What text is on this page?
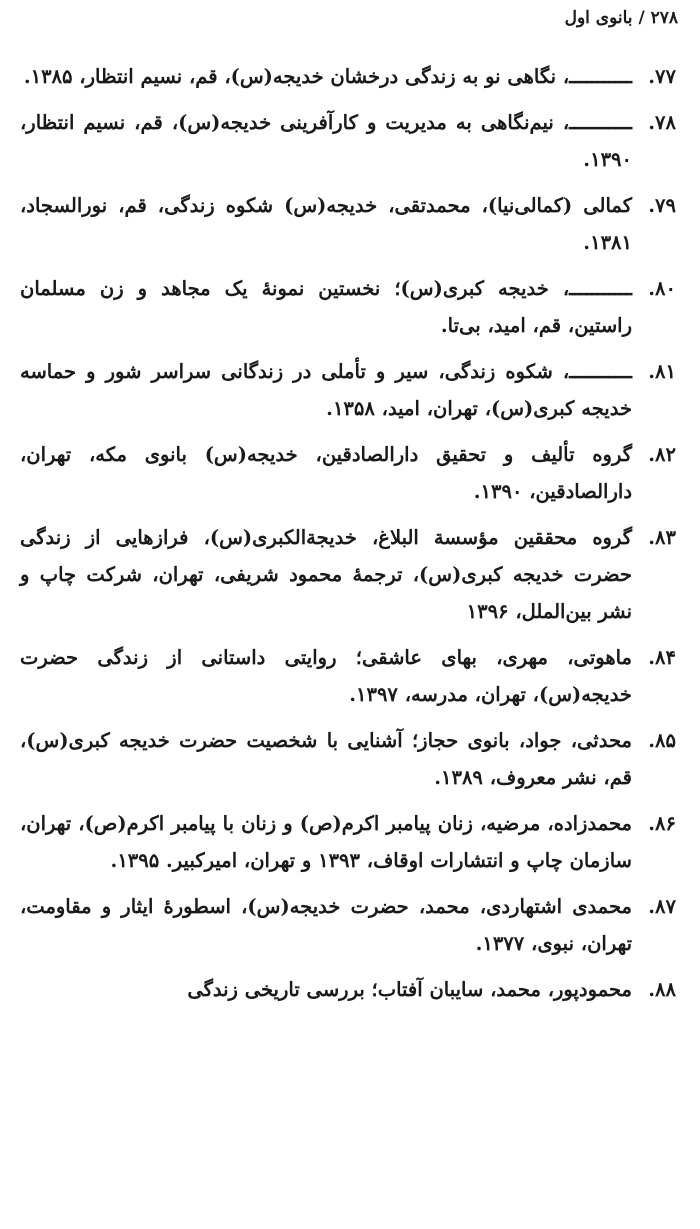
۲۷۸ / بانوی اول
۷۷.
ـــــــــــ، نگاهی نو به زندگی درخشان خدیجه(س)، قم، نسیم انتظار، ۱۳۸۵.
۷۸.
ـــــــــــ، نیم‌نگاهی به مدیریت و کارآفرینی خدیجه(س)، قم، نسیم انتظار، ۱۳۹۰.
۷۹.
کمالی (کمالی‌نیا)، محمدتقی، خدیجه(س) شکوه زندگی، قم، نورالسجاد، ۱۳۸۱.
۸۰.
ـــــــــــ، خدیجه کبری(س)؛ نخستین نمونهٔ یک مجاهد و زن مسلمان راستین، قم، امید، بی‌تا.
۸۱.
ـــــــــــ، شکوه زندگی، سیر و تأملی در زندگانی سراسر شور و حماسه خدیجه کبری(س)، تهران، امید، ۱۳۵۸.
۸۲.
گروه تألیف و تحقیق دارالصادقین، خدیجه(س) بانوی مکه، تهران، دارالصادقین، ۱۳۹۰.
۸۳.
گروه محققین مؤسسة البلاغ، خدیجة‌الکبری(س)، فرازهایی از زندگی حضرت خدیجه کبری(س)، ترجمهٔ محمود شریفی، تهران، شرکت چاپ و نشر بین‌الملل، ۱۳۹۶
۸۴.
ماهوتی، مهری، بهای عاشقی؛ روایتی داستانی از زندگی حضرت خدیجه(س)، تهران، مدرسه، ۱۳۹۷.
۸۵.
محدثی، جواد، بانوی حجاز؛ آشنایی با شخصیت حضرت خدیجه کبری(س)، قم، نشر معروف، ۱۳۸۹.
۸۶.
محمدزاده، مرضیه، زنان پیامبر اکرم(ص) و زنان با پیامبر اکرم(ص)، تهران، سازمان چاپ و انتشارات اوقاف، ۱۳۹۳ و تهران، امیرکبیر. ۱۳۹۵.
۸۷.
محمدی اشتهاردی، محمد، حضرت خدیجه(س)، اسطورهٔ ایثار و مقاومت، تهران، نبوی، ۱۳۷۷.
۸۸.
محمودپور، محمد، سایبان آفتاب؛ بررسی تاریخی زندگی
